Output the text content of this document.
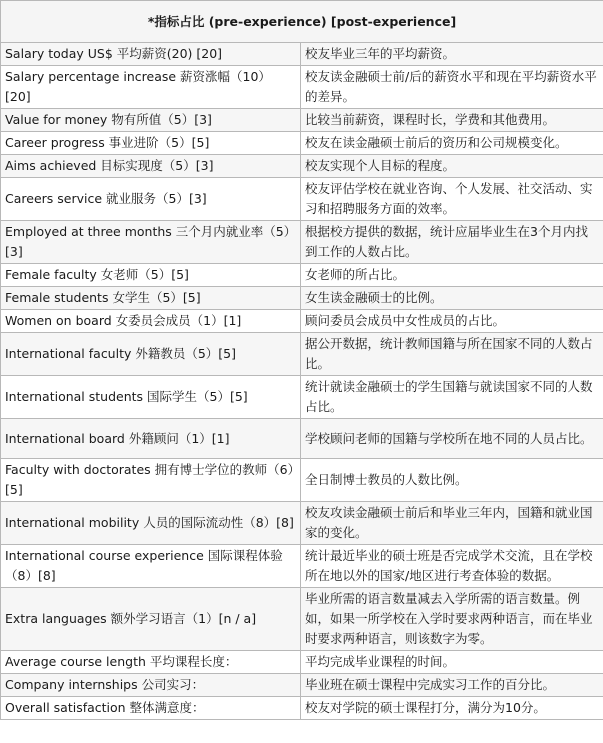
*指标占比 (pre-experience) [post-experience]	
Salary today US$ 平均薪资(20) [20]	校友毕业三年的平均薪资。
Salary percentage increase 薪资涨幅（10）[20]	校友读金融硕士前/后的薪资水平和现在平均薪资水平的差异。
Value for money 物有所值（5）[3]	比较当前薪资，课程时长，学费和其他费用。
Career progress 事业进阶（5）[5]	校友在读金融硕士前后的资历和公司规模变化。
Aims achieved 目标实现度（5）[3]	校友实现个人目标的程度。
Careers service 就业服务（5）[3]	校友评估学校在就业咨询、个人发展、社交活动、实习和招聘服务方面的效率。
Employed at three months 三个月内就业率（5）[3]	根据校方提供的数据，统计应届毕业生在3个月内找到工作的人数占比。
Female faculty 女老师（5）[5]	女老师的所占比。
Female students 女学生（5）[5]	女生读金融硕士的比例。
Women on board 女委员会成员（1）[1]	顾问委员会成员中女性成员的占比。
International faculty 外籍教员（5）[5]	据公开数据，统计教师国籍与所在国家不同的人数占比。
International students 国际学生（5）[5]	统计就读金融硕士的学生国籍与就读国家不同的人数占比。
International board 外籍顾问（1）[1]	学校顾问老师的国籍与学校所在地不同的人员占比。
Faculty with doctorates 拥有博士学位的教师（6）[5]	全日制博士教员的人数比例。
International mobility 人员的国际流动性（8）[8]	校友攻读金融硕士前后和毕业三年内，国籍和就业国家的变化。
International course experience 国际课程体验（8）[8]	统计最近毕业的硕士班是否完成学术交流，且在学校所在地以外的国家/地区进行考查体验的数据。
Extra languages 额外学习语言（1）[n / a]	毕业所需的语言数量减去入学所需的语言数量。例如，如果一所学校在入学时要求两种语言，而在毕业时要求两种语言，则该数字为零。
Average course length 平均课程长度：	平均完成毕业课程的时间。
Company internships 公司实习：	毕业班在硕士课程中完成实习工作的百分比。
Overall satisfaction 整体满意度：	校友对学院的硕士课程打分，满分为10分。
